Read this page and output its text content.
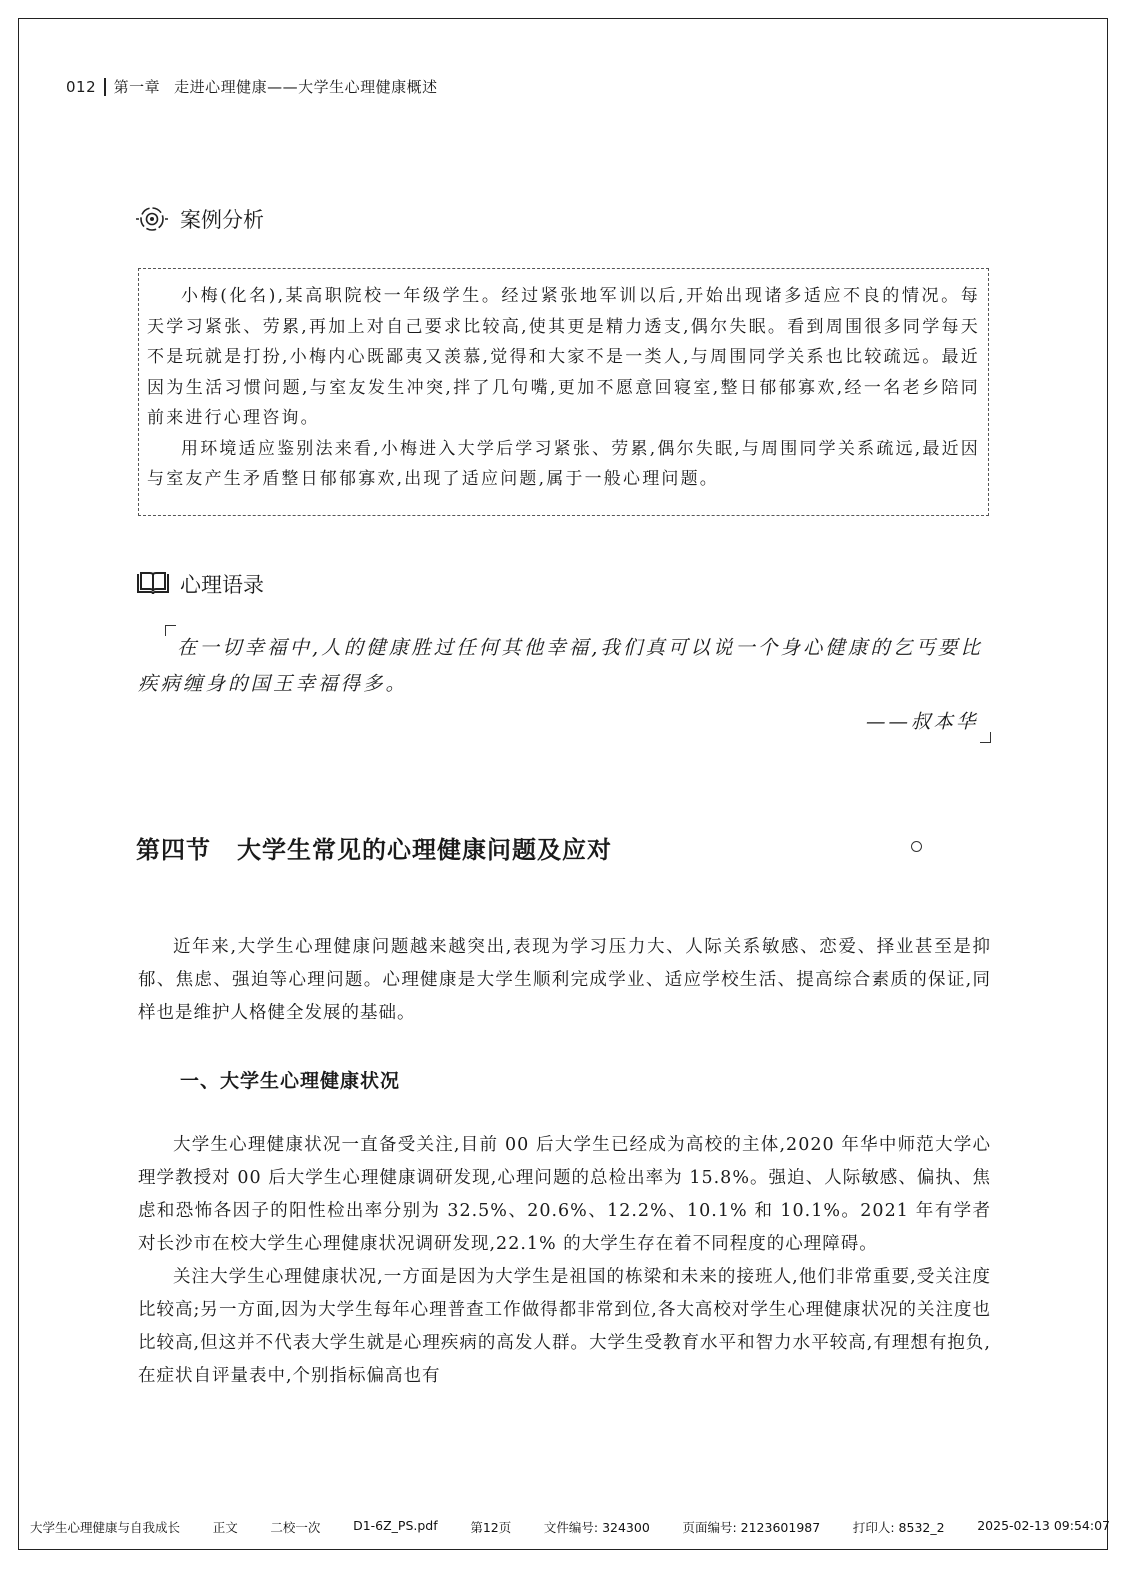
012 第一章 走进心理健康——大学生心理健康概述
案例分析

小梅(化名),某高职院校一年级学生。经过紧张地军训以后,开始出现诸多适应不良的情况。每天学习紧张、劳累,再加上对自己要求比较高,使其更是精力透支,偶尔失眠。看到周围很多同学每天不是玩就是打扮,小梅内心既鄙夷又羡慕,觉得和大家不是一类人,与周围同学关系也比较疏远。最近因为生活习惯问题,与室友发生冲突,拌了几句嘴,更加不愿意回寝室,整日郁郁寡欢,经一名老乡陪同前来进行心理咨询。

用环境适应鉴别法来看,小梅进入大学后学习紧张、劳累,偶尔失眠,与周围同学关系疏远,最近因与室友产生矛盾整日郁郁寡欢,出现了适应问题,属于一般心理问题。

心理语录

在一切幸福中,人的健康胜过任何其他幸福,我们真可以说一个身心健康的乞丐要比疾病缠身的国王幸福得多。

——叔本华
第四节 大学生常见的心理健康问题及应对

近年来,大学生心理健康问题越来越突出,表现为学习压力大、人际关系敏感、恋爱、择业甚至是抑郁、焦虑、强迫等心理问题。心理健康是大学生顺利完成学业、适应学校生活、提高综合素质的保证,同样也是维护人格健全发展的基础。

一、大学生心理健康状况

大学生心理健康状况一直备受关注,目前 00 后大学生已经成为高校的主体,2020 年华中师范大学心理学教授对 00 后大学生心理健康调研发现,心理问题的总检出率为 15.8%。强迫、人际敏感、偏执、焦虑和恐怖各因子的阳性检出率分别为 32.5%、20.6%、12.2%、10.1% 和 10.1%。2021 年有学者对长沙市在校大学生心理健康状况调研发现,22.1% 的大学生存在着不同程度的心理障碍。

关注大学生心理健康状况,一方面是因为大学生是祖国的栋梁和未来的接班人,他们非常重要,受关注度比较高;另一方面,因为大学生每年心理普查工作做得都非常到位,各大高校对学生心理健康状况的关注度也比较高,但这并不代表大学生就是心理疾病的高发人群。大学生受教育水平和智力水平较高,有理想有抱负,在症状自评量表中,个别指标偏高也有

大学生心理健康与自我成长	正文	二校一次	D1-6Z_PS.pdf	第12页	文件编号: 324300	页面编号: 2123601987	打印人: 8532_2	2025-02-13 09:54:07
